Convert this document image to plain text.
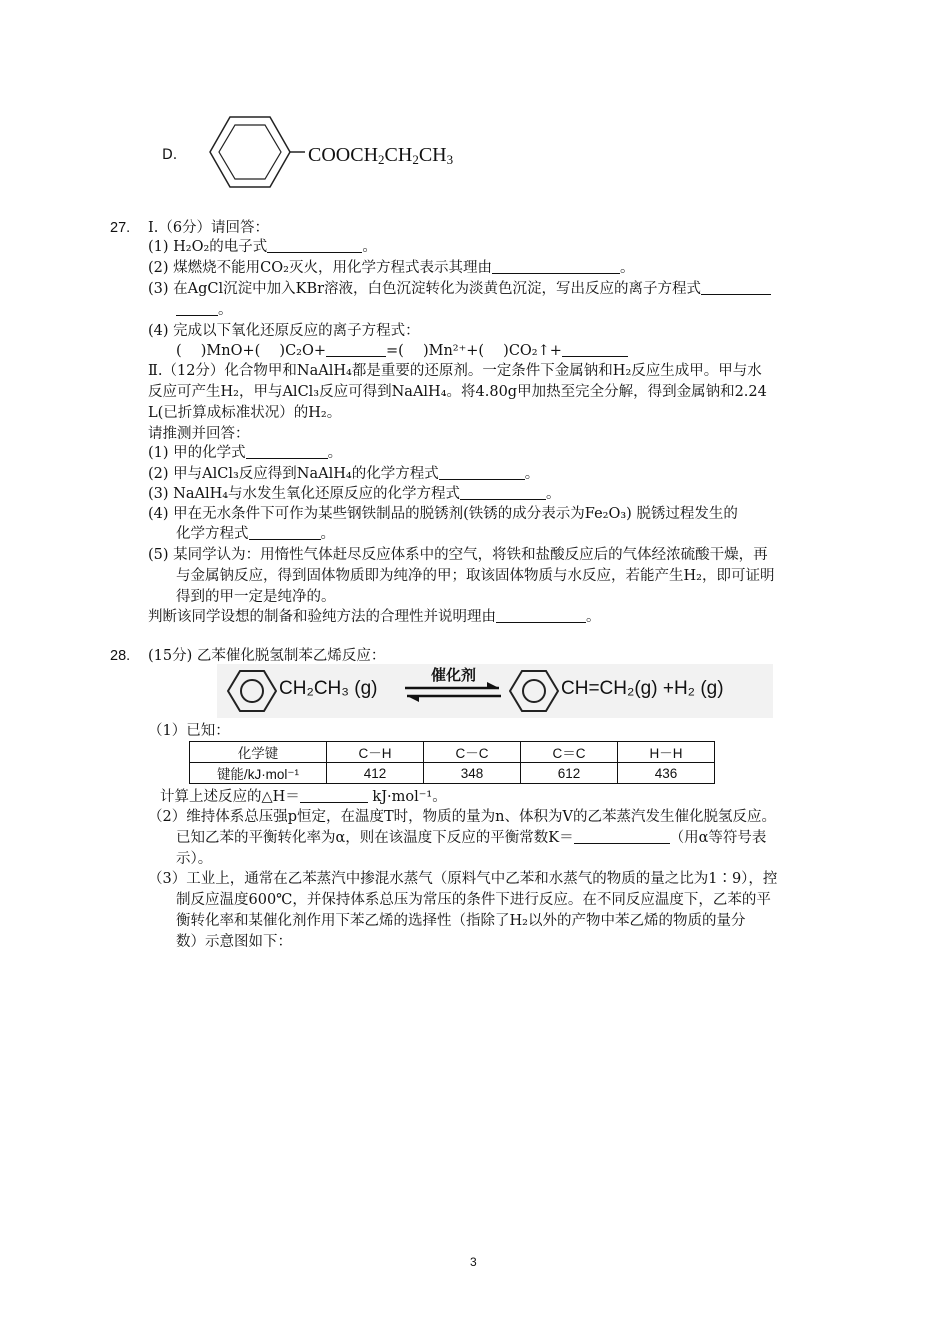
D.	$COOCH_2CH_2CH_3$
27. Ⅰ.（6分）请回答：
(1) H₂O₂的电子式	。
(2) 煤燃烧不能用CO₂灭火，用化学方程式表示其理由	。
(3) 在AgCl沉淀中加入KBr溶液，白色沉淀转化为淡黄色沉淀，写出反应的离子方程式
。
(4) 完成以下氧化还原反应的离子方程式：
(　 )MnO+(　 )C₂O+	=(　 )Mn²⁺+(　 )CO₂↑+
Ⅱ.（12分）化合物甲和NaAlH₄都是重要的还原剂。一定条件下金属钠和H₂反应生成甲。甲与水
反应可产生H₂，甲与AlCl₃反应可得到NaAlH₄。将4.80g甲加热至完全分解，得到金属钠和2.24
L(已折算成标准状况）的H₂。
请推测并回答：
(1) 甲的化学式	。
(2) 甲与AlCl₃反应得到NaAlH₄的化学方程式	。
(3) NaAlH₄与水发生氧化还原反应的化学方程式	。
(4) 甲在无水条件下可作为某些钢铁制品的脱锈剂(铁锈的成分表示为Fe₂O₃) 脱锈过程发生的
化学方程式	。
(5) 某同学认为：用惰性气体赶尽反应体系中的空气，将铁和盐酸反应后的气体经浓硫酸干燥，再
与金属钠反应，得到固体物质即为纯净的甲；取该固体物质与水反应，若能产生H₂，即可证明
得到的甲一定是纯净的。
判断该同学设想的制备和验纯方法的合理性并说明理由	。
28. (15分) 乙苯催化脱氢制苯乙烯反应：
CH₂CH₃ (g)
催化剂
CH=CH₂(g) +H₂ (g)
（1）已知：
化学键	C－H	C－C	C＝C	H－H
键能/kJ·mol⁻¹	412	348	612	436
计算上述反应的△H＝	kJ·mol⁻¹。
（2）维持体系总压强p恒定，在温度T时，物质的量为n、体积为V的乙苯蒸汽发生催化脱氢反应。
已知乙苯的平衡转化率为α，则在该温度下反应的平衡常数K＝	（用α等符号表
示）。
（3）工业上，通常在乙苯蒸汽中掺混水蒸气（原料气中乙苯和水蒸气的物质的量之比为1∶9），控
制反应温度600℃，并保持体系总压为常压的条件下进行反应。在不同反应温度下，乙苯的平
衡转化率和某催化剂作用下苯乙烯的选择性（指除了H₂以外的产物中苯乙烯的物质的量分
数）示意图如下：
3
